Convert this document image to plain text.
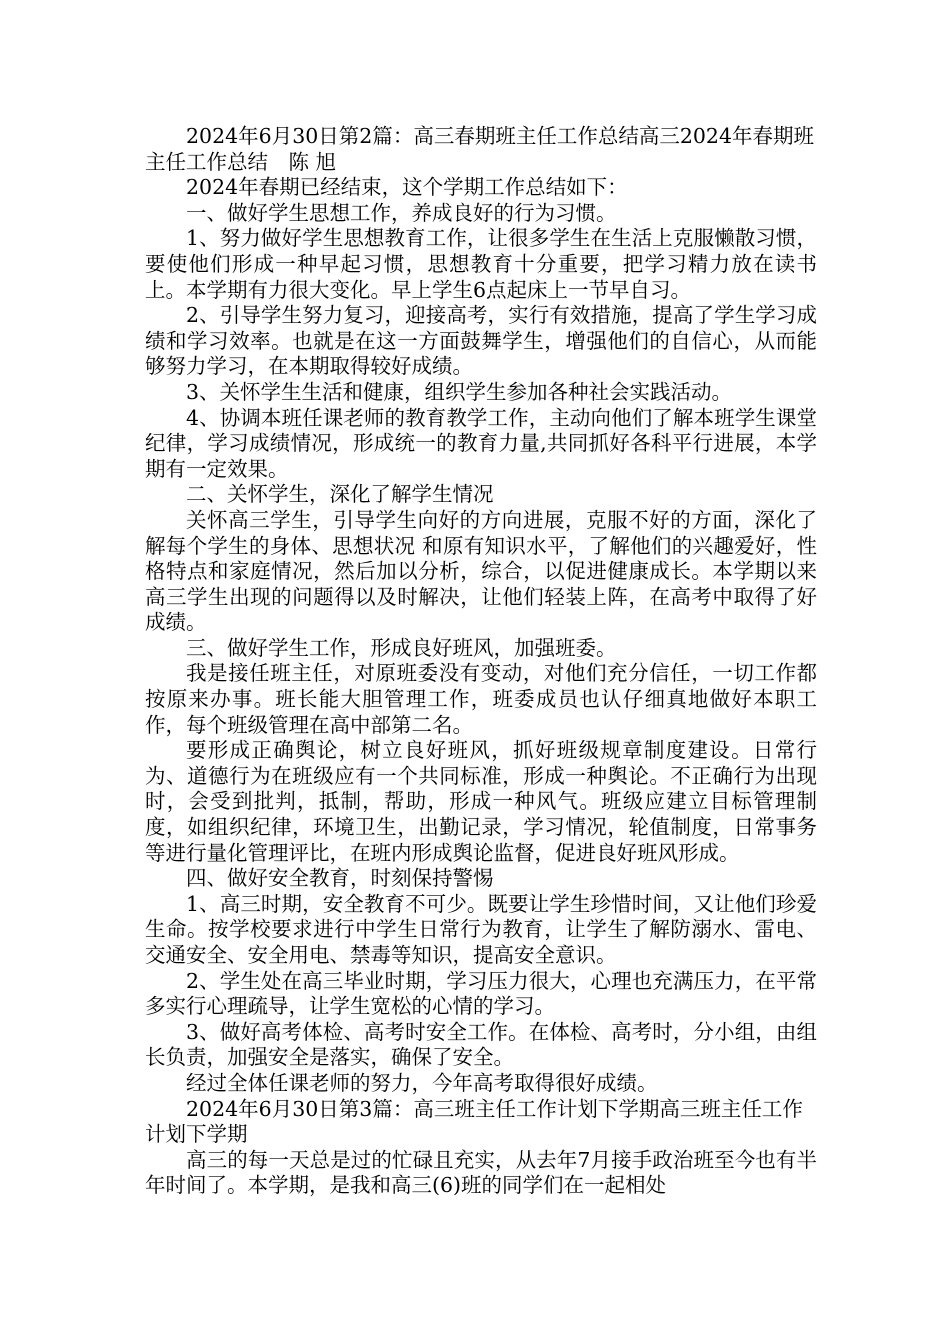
2024年6月30日第2篇：高三春期班主任工作总结高三2024年春期班主任工作总结　陈 旭

2024年春期已经结束，这个学期工作总结如下：

一、做好学生思想工作，养成良好的行为习惯。

1、努力做好学生思想教育工作，让很多学生在生活上克服懒散习惯，要使他们形成一种早起习惯，思想教育十分重要，把学习精力放在读书上。本学期有力很大变化。早上学生6点起床上一节早自习。

2、引导学生努力复习，迎接高考，实行有效措施，提高了学生学习成绩和学习效率。也就是在这一方面鼓舞学生，增强他们的自信心，从而能够努力学习，在本期取得较好成绩。

3、关怀学生生活和健康，组织学生参加各种社会实践活动。

4、协调本班任课老师的教育教学工作，主动向他们了解本班学生课堂纪律，学习成绩情况，形成统一的教育力量,共同抓好各科平行进展，本学期有一定效果。

二、关怀学生，深化了解学生情况

关怀高三学生，引导学生向好的方向进展，克服不好的方面，深化了解每个学生的身体、思想状况 和原有知识水平，了解他们的兴趣爱好，性格特点和家庭情况，然后加以分析，综合，以促进健康成长。本学期以来高三学生出现的问题得以及时解决，让他们轻装上阵，在高考中取得了好成绩。

三、做好学生工作，形成良好班风，加强班委。

我是接任班主任，对原班委没有变动，对他们充分信任，一切工作都按原来办事。班长能大胆管理工作，班委成员也认仔细真地做好本职工作，每个班级管理在高中部第二名。

要形成正确舆论，树立良好班风，抓好班级规章制度建设。日常行为、道德行为在班级应有一个共同标准，形成一种舆论。不正确行为出现时，会受到批判，抵制，帮助，形成一种风气。班级应建立目标管理制度，如组织纪律，环境卫生，出勤记录，学习情况，轮值制度，日常事务等进行量化管理评比，在班内形成舆论监督，促进良好班风形成。

四、做好安全教育，时刻保持警惕

1、高三时期，安全教育不可少。既要让学生珍惜时间，又让他们珍爱生命。按学校要求进行中学生日常行为教育，让学生了解防溺水、雷电、交通安全、安全用电、禁毒等知识，提高安全意识。

2、学生处在高三毕业时期，学习压力很大，心理也充满压力，在平常多实行心理疏导，让学生宽松的心情的学习。

3、做好高考体检、高考时安全工作。在体检、高考时，分小组，由组长负责，加强安全是落实，确保了安全。

经过全体任课老师的努力，今年高考取得很好成绩。

2024年6月30日第3篇：高三班主任工作计划下学期高三班主任工作计划下学期

高三的每一天总是过的忙碌且充实，从去年7月接手政治班至今也有半年时间了。本学期，是我和高三(6)班的同学们在一起相处
